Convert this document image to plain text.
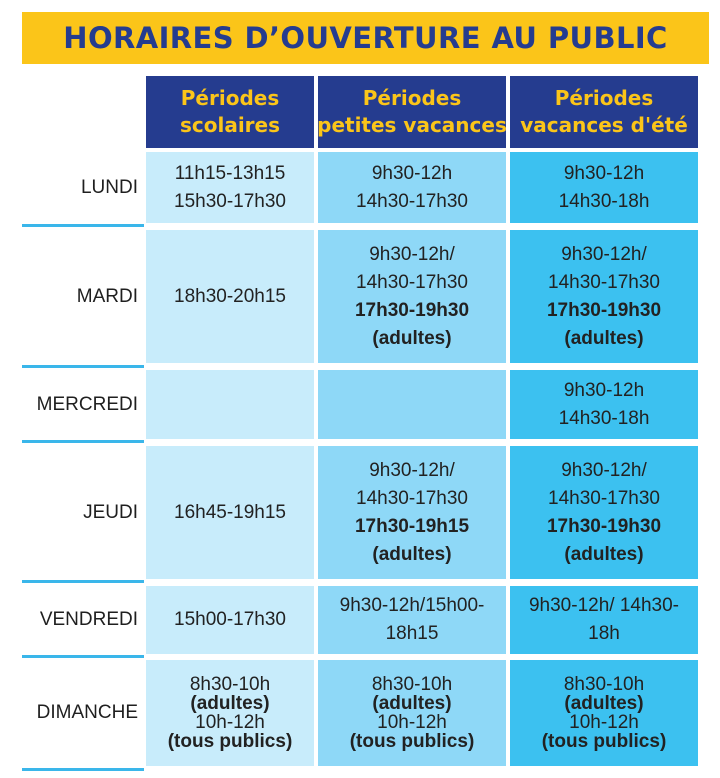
HORAIRES D’OUVERTURE AU PUBLIC
Périodes
scolaires
Périodes
petites vacances
Périodes
vacances d'été
LUNDI
11h15-13h15
15h30-17h30
9h30-12h
14h30-17h30
9h30-12h
14h30-18h
MARDI 18h30-20h15
9h30-12h/
14h30-17h30
17h30-19h30
(adultes)
9h30-12h/
14h30-17h30
17h30-19h30
(adultes)
MERCREDI
9h30-12h
14h30-18h
JEUDI 16h45-19h15
9h30-12h/
14h30-17h30
17h30-19h15
(adultes)
9h30-12h/
14h30-17h30
17h30-19h30
(adultes)
VENDREDI 15h00-17h30
9h30-12h/15h00-
18h15
9h30-12h/ 14h30-
18h
DIMANCHE
8h30-10h
(adultes)
10h-12h
(tous publics)
8h30-10h
(adultes)
10h-12h
(tous publics)
8h30-10h
(adultes)
10h-12h
(tous publics)
